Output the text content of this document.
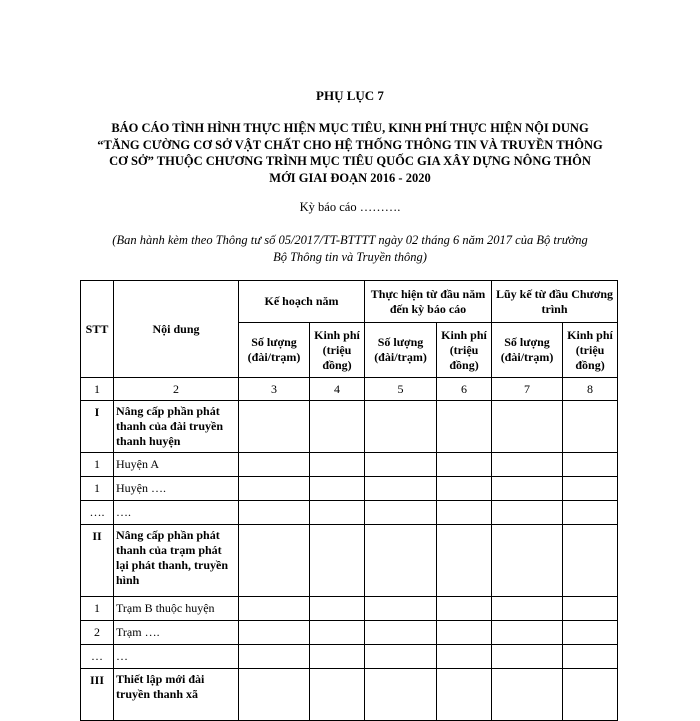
PHỤ LỤC 7
BÁO CÁO TÌNH HÌNH THỰC HIỆN MỤC TIÊU, KINH PHÍ THỰC HIỆN NỘI DUNG
“TĂNG CƯỜNG CƠ SỞ VẬT CHẤT CHO HỆ THỐNG THÔNG TIN VÀ TRUYỀN THÔNG
CƠ SỞ” THUỘC CHƯƠNG TRÌNH MỤC TIÊU QUỐC GIA XÂY DỰNG NÔNG THÔN
MỚI GIAI ĐOẠN 2016 - 2020
Kỳ báo cáo ……….
(Ban hành kèm theo Thông tư số 05/2017/TT-BTTTT ngày 02 tháng 6 năm 2017 của Bộ trưởng
Bộ Thông tin và Truyền thông)
STT	Nội dung	Kế hoạch năm		Thực hiện từ đầu năm đến kỳ báo cáo		Lũy kế từ đầu Chương trình	
		Số lượng (đài/trạm)	Kinh phí (triệu đồng)	Số lượng (đài/trạm)	Kinh phí (triệu đồng)	Số lượng (đài/trạm)	Kinh phí (triệu đồng)
1	2	3	4	5	6	7	8
I	Nâng cấp phần phát thanh của đài truyền thanh huyện						
1	Huyện A						
1	Huyện ….						
….	….						
II	Nâng cấp phần phát thanh của trạm phát lại phát thanh, truyền hình						
1	Trạm B thuộc huyện						
2	Trạm ….						
…	…						
III	Thiết lập mới đài truyền thanh xã						
